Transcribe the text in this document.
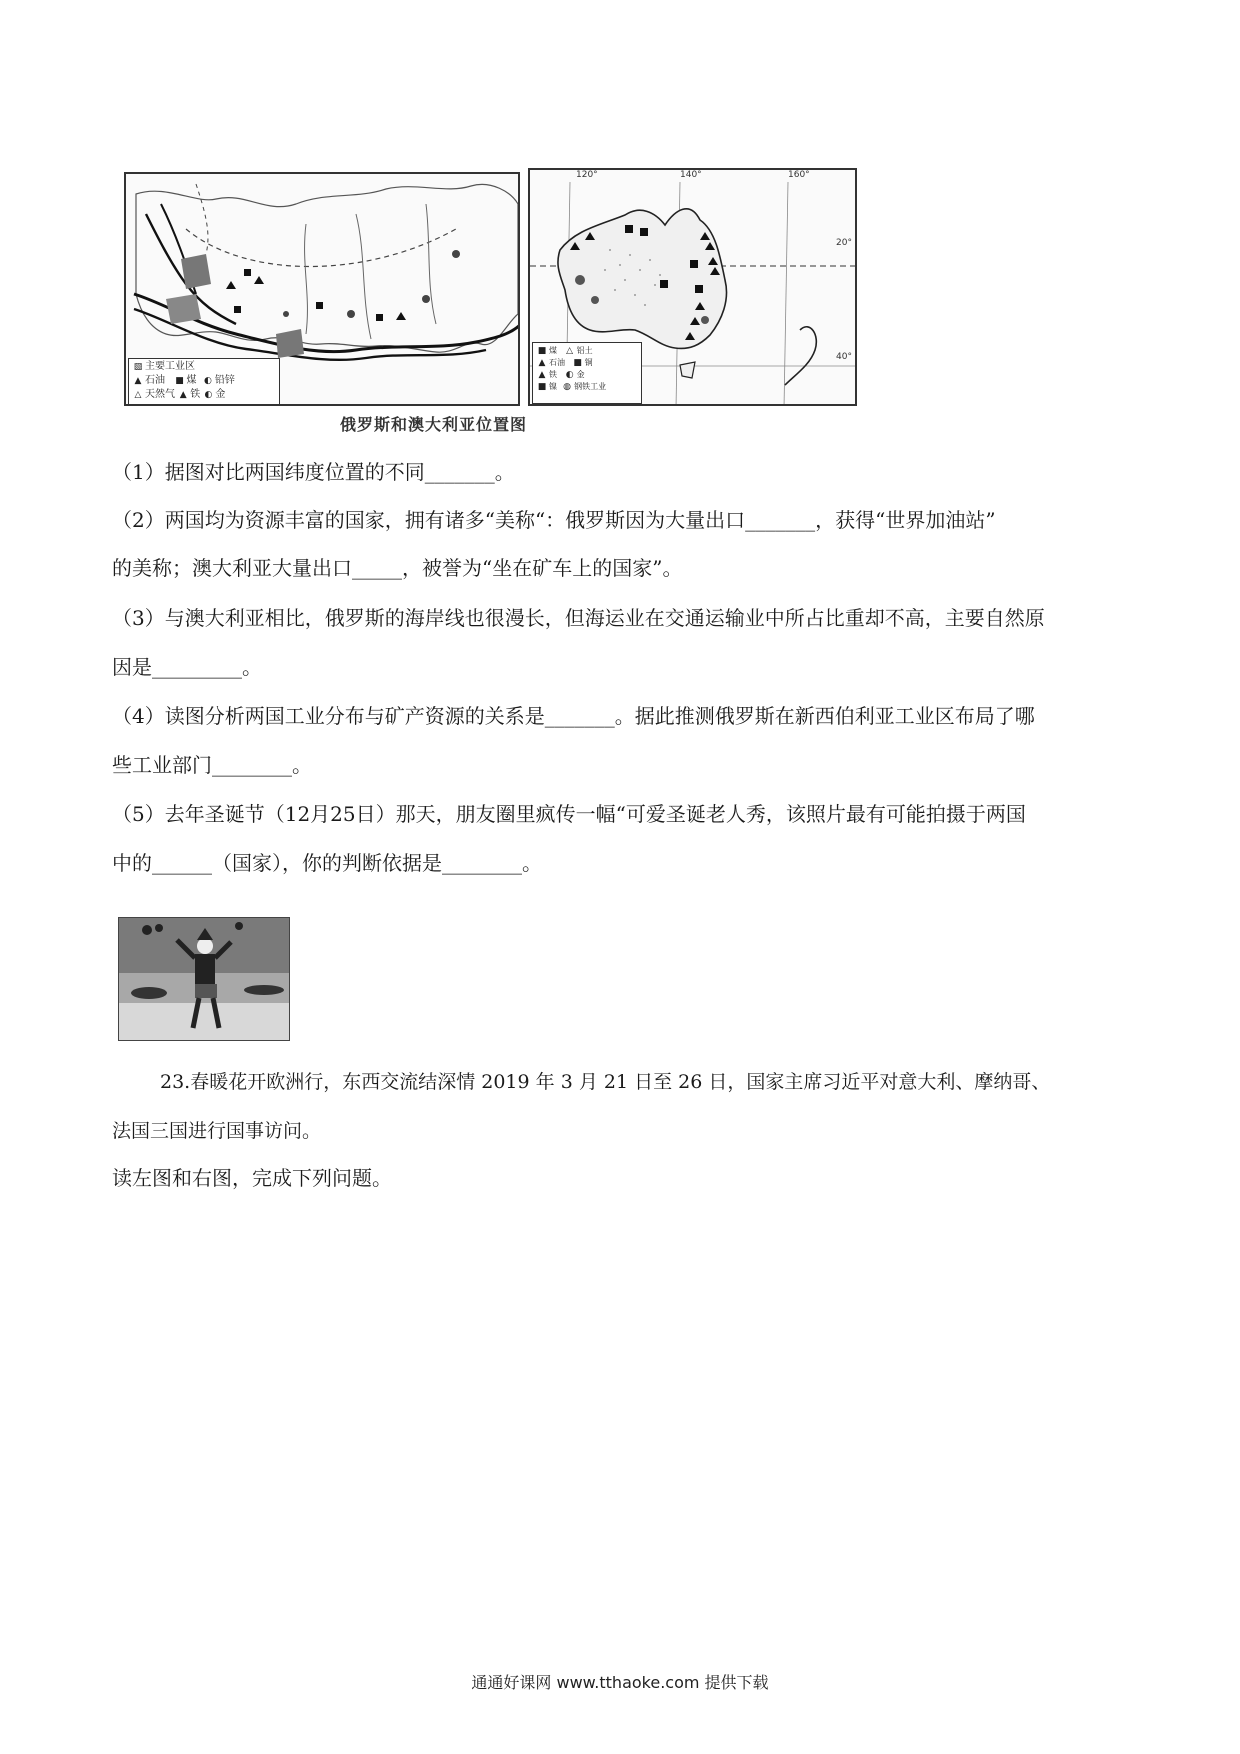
▧ 主要工业区
▲ 石油 ■ 煤 ◐ 铅锌
△ 天然气 ▲ 铁 ◐ 金
120°	140°	160°
20°
40°
■ 煤 △ 铝土
▲ 石油 ■ 铜
▲ 铁 ◐ 金
■ 镍 ◍ 钢铁工业
俄罗斯和澳大利亚位置图
（1）据图对比两国纬度位置的不同_______。
（2）两国均为资源丰富的国家，拥有诸多“美称“：俄罗斯因为大量出口_______，获得“世界加油站”
的美称；澳大利亚大量出口_____，被誉为“坐在矿车上的国家”。
（3）与澳大利亚相比，俄罗斯的海岸线也很漫长，但海运业在交通运输业中所占比重却不高，主要自然原
因是_________。
（4）读图分析两国工业分布与矿产资源的关系是_______。据此推测俄罗斯在新西伯利亚工业区布局了哪
些工业部门________。
（5）去年圣诞节（12月25日）那天，朋友圈里疯传一幅“可爱圣诞老人秀，该照片最有可能拍摄于两国
中的______（国家），你的判断依据是________。
23.春暖花开欧洲行，东西交流结深情 2019 年 3 月 21 日至 26 日，国家主席习近平对意大利、摩纳哥、
法国三国进行国事访问。
读左图和右图，完成下列问题。
通通好课网 www.tthaoke.com 提供下载
